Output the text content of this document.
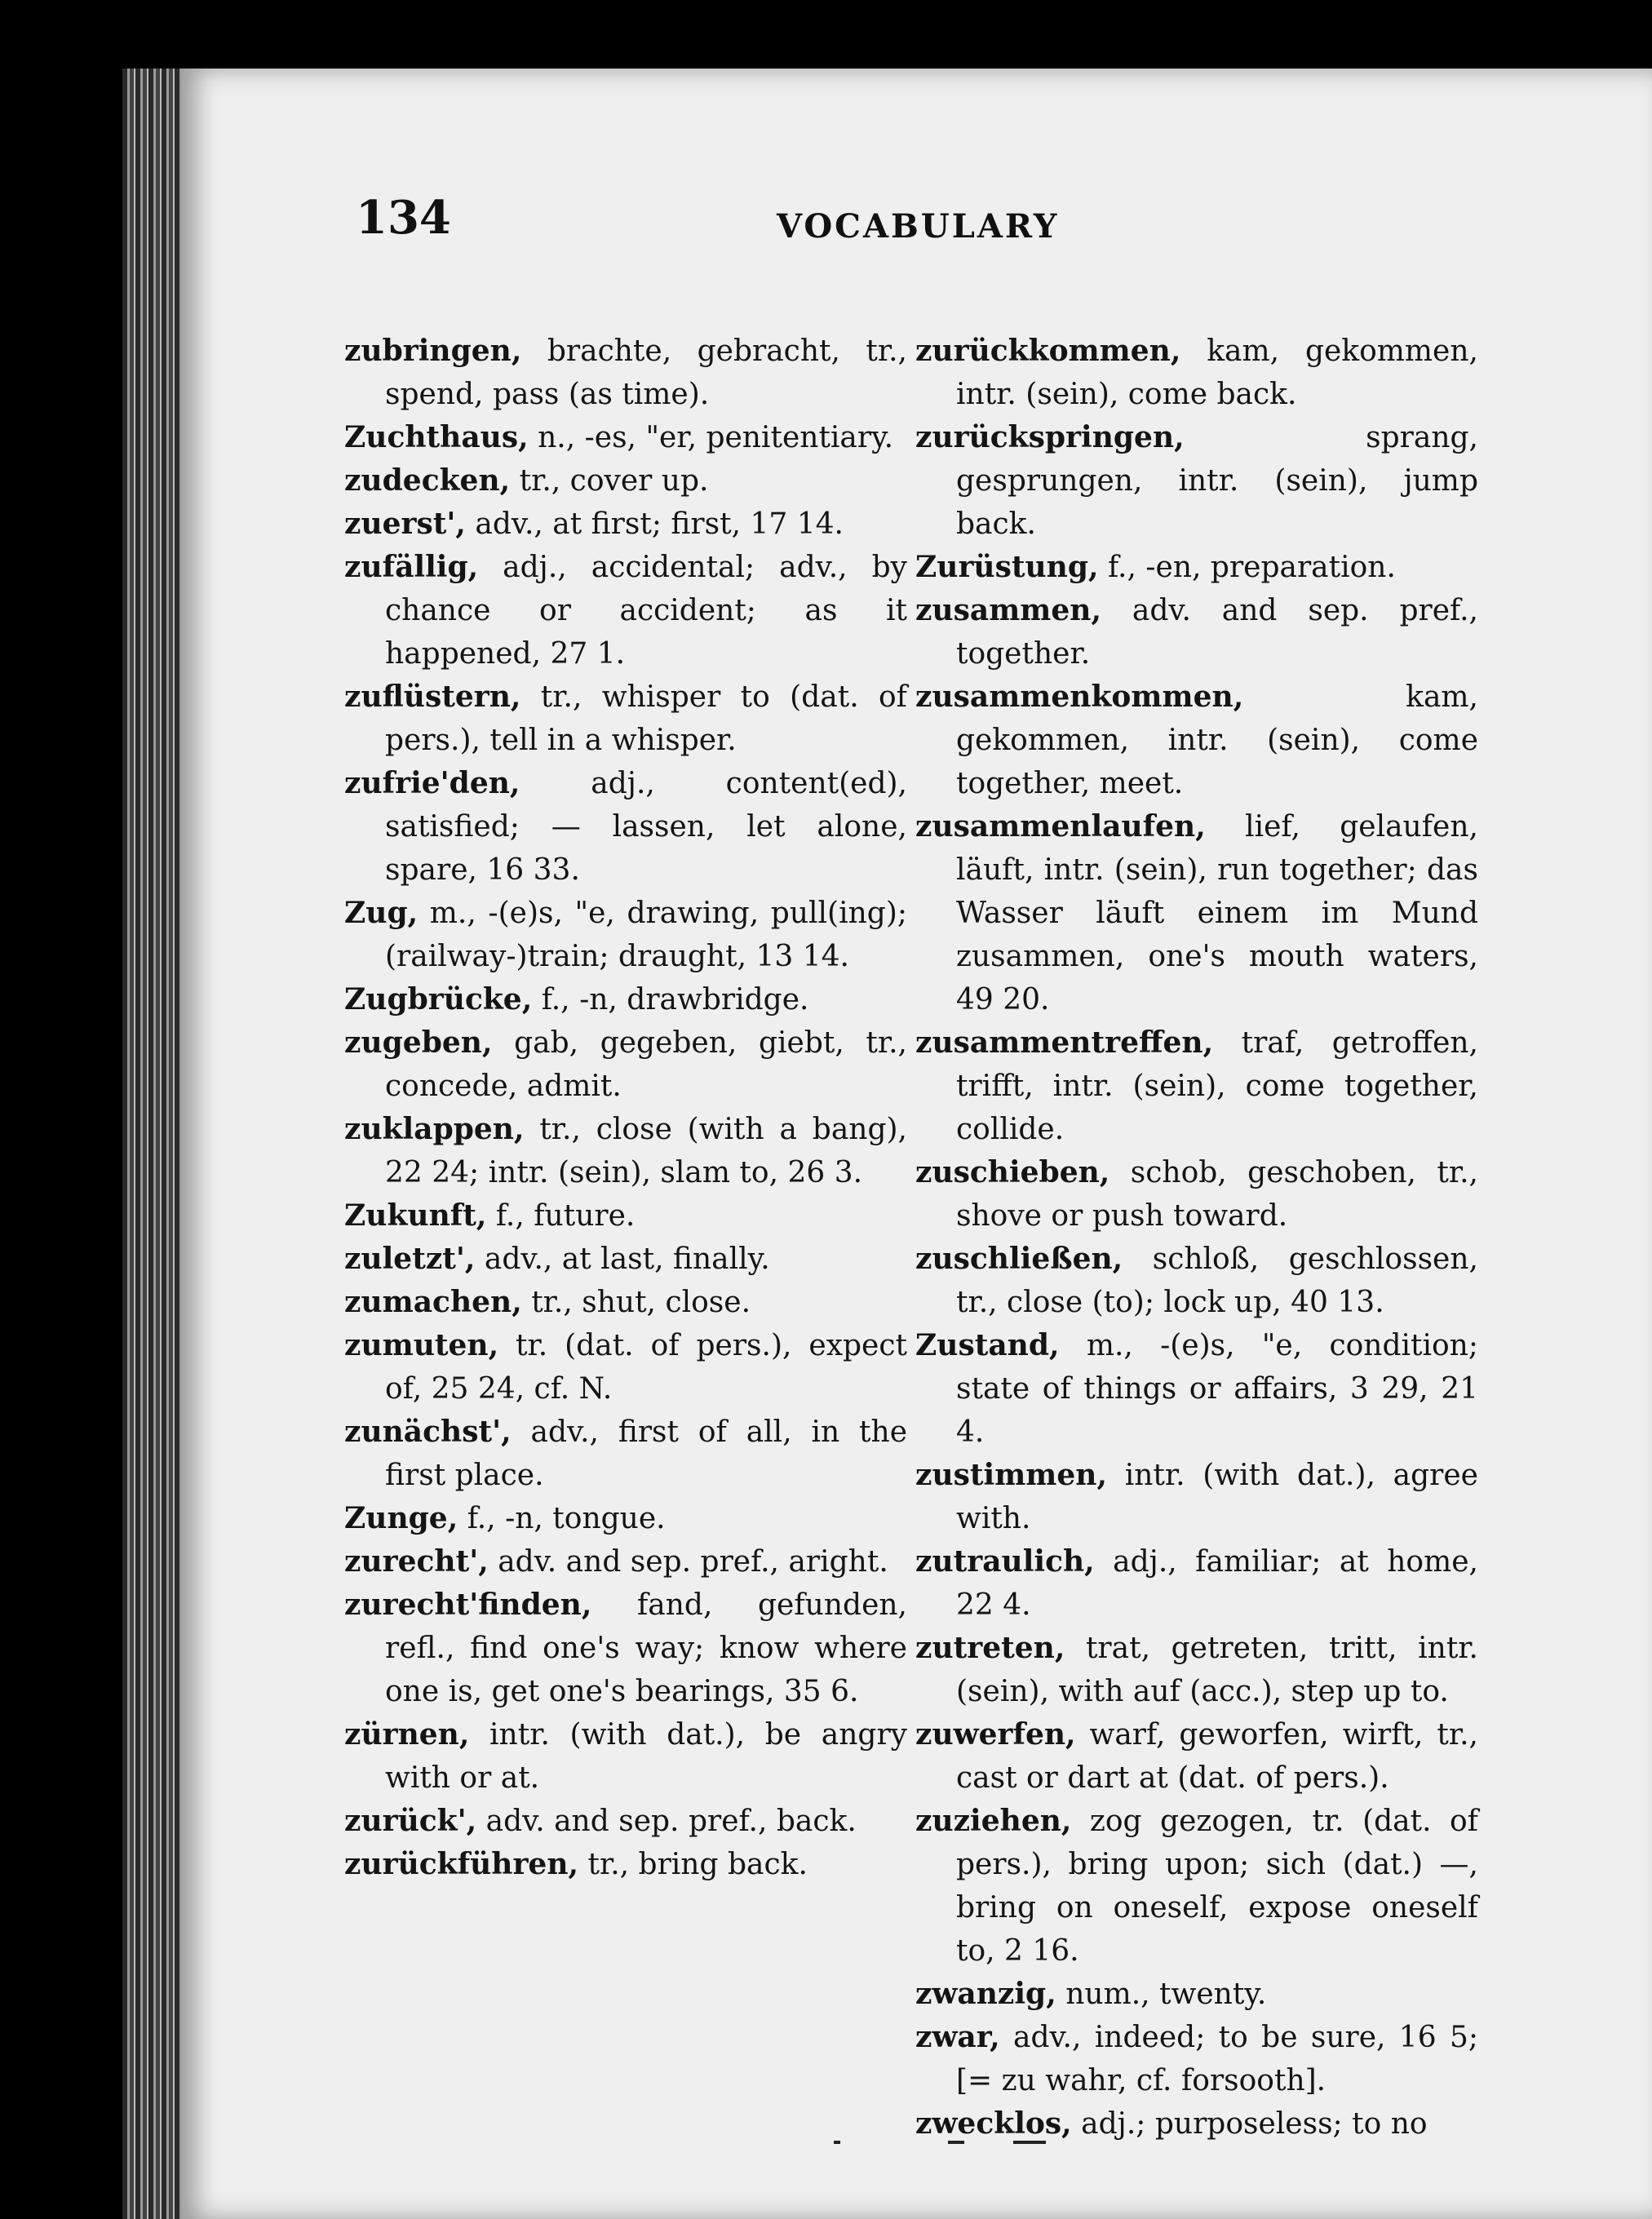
134	VOCABULARY

zubringen, brachte, gebracht, tr., spend, pass (as time).

Zuchthaus, n., -es, "er, penitentiary.

zudecken, tr., cover up.

zuerst', adv., at first; first, 17 14.

zufällig, adj., accidental; adv., by chance or accident; as it happened, 27 1.

zuflüstern, tr., whisper to (dat. of pers.), tell in a whisper.

zufrie'den, adj., content(ed), satisfied; — lassen, let alone, spare, 16 33.

Zug, m., -(e)s, "e, drawing, pull(ing); (railway-)train; draught, 13 14.

Zugbrücke, f., -n, drawbridge.

zugeben, gab, gegeben, giebt, tr., concede, admit.

zuklappen, tr., close (with a bang), 22 24; intr. (sein), slam to, 26 3.

Zukunft, f., future.

zuletzt', adv., at last, finally.

zumachen, tr., shut, close.

zumuten, tr. (dat. of pers.), expect of, 25 24, cf. N.

zunächst', adv., first of all, in the first place.

Zunge, f., -n, tongue.

zurecht', adv. and sep. pref., aright.

zurecht'finden, fand, gefunden, refl., find one's way; know where one is, get one's bearings, 35 6.

zürnen, intr. (with dat.), be angry with or at.

zurück', adv. and sep. pref., back.

zurückführen, tr., bring back.

zurückkommen, kam, gekommen, intr. (sein), come back.

zurückspringen, sprang, gesprungen, intr. (sein), jump back.

Zurüstung, f., -en, preparation.

zusammen, adv. and sep. pref., together.

zusammenkommen, kam, gekommen, intr. (sein), come together, meet.

zusammenlaufen, lief, gelaufen, läuft, intr. (sein), run together; das Wasser läuft einem im Mund zusammen, one's mouth waters, 49 20.

zusammentreffen, traf, getroffen, trifft, intr. (sein), come together, collide.

zuschieben, schob, geschoben, tr., shove or push toward.

zuschließen, schloß, geschlossen, tr., close (to); lock up, 40 13.

Zustand, m., -(e)s, "e, condition; state of things or affairs, 3 29, 21 4.

zustimmen, intr. (with dat.), agree with.

zutraulich, adj., familiar; at home, 22 4.

zutreten, trat, getreten, tritt, intr. (sein), with auf (acc.), step up to.

zuwerfen, warf, geworfen, wirft, tr., cast or dart at (dat. of pers.).

zuziehen, zog gezogen, tr. (dat. of pers.), bring upon; sich (dat.) —, bring on oneself, expose oneself to, 2 16.

zwanzig, num., twenty.

zwar, adv., indeed; to be sure, 16 5; [= zu wahr, cf. forsooth].

zwecklos, adj.; purposeless; to no
